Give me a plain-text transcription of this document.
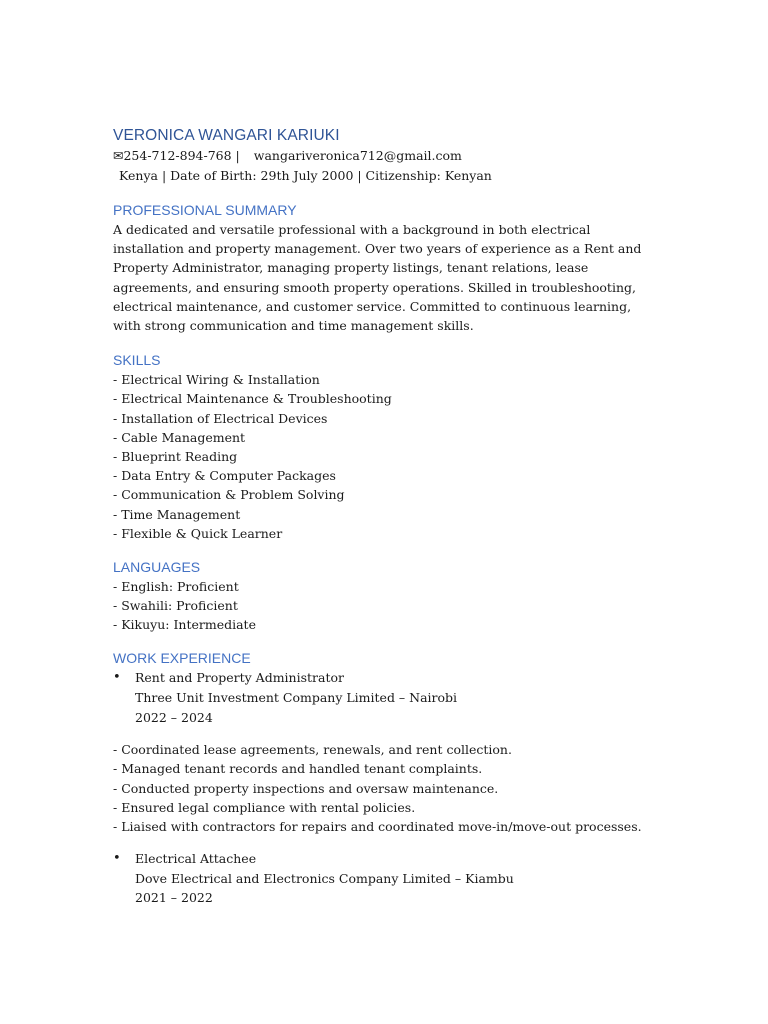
VERONICA WANGARI KARIUKI
✉254-712-894-768 | wangariveronica712@gmail.com
Kenya | Date of Birth: 29th July 2000 | Citizenship: Kenyan
PROFESSIONAL SUMMARY

A dedicated and versatile professional with a background in both electrical installation and property management. Over two years of experience as a Rent and Property Administrator, managing property listings, tenant relations, lease agreements, and ensuring smooth property operations. Skilled in troubleshooting, electrical maintenance, and customer service. Committed to continuous learning, with strong communication and time management skills.

SKILLS
- Electrical Wiring & Installation
- Electrical Maintenance & Troubleshooting
- Installation of Electrical Devices
- Cable Management
- Blueprint Reading
- Data Entry & Computer Packages
- Communication & Problem Solving
- Time Management
- Flexible & Quick Learner
LANGUAGES
- English: Proficient
- Swahili: Proficient
- Kikuyu: Intermediate
WORK EXPERIENCE
• Rent and Property Administrator
Three Unit Investment Company Limited – Nairobi
2022 – 2024
- Coordinated lease agreements, renewals, and rent collection.
- Managed tenant records and handled tenant complaints.
- Conducted property inspections and oversaw maintenance.
- Ensured legal compliance with rental policies.
- Liaised with contractors for repairs and coordinated move-in/move-out processes.
• Electrical Attachee
Dove Electrical and Electronics Company Limited – Kiambu
2021 – 2022
